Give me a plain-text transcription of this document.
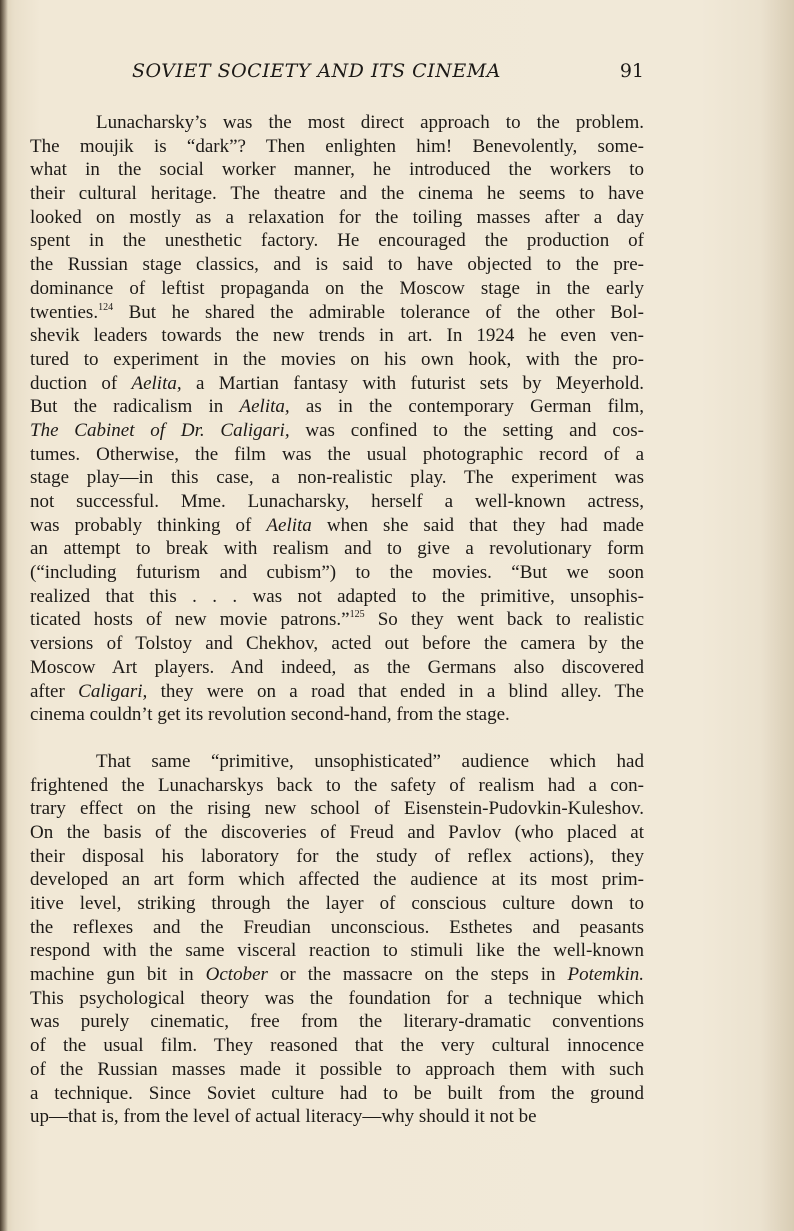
SOVIET SOCIETY AND ITS CINEMA	91
Lunacharsky’s was the most direct approach to the problem.
The moujik is “dark”? Then enlighten him! Benevolently, some-
what in the social worker manner, he introduced the workers to
their cultural heritage. The theatre and the cinema he seems to have
looked on mostly as a relaxation for the toiling masses after a day
spent in the unesthetic factory. He encouraged the production of
the Russian stage classics, and is said to have objected to the pre-
dominance of leftist propaganda on the Moscow stage in the early
twenties.$^{124}$ But he shared the admirable tolerance of the other Bol-
shevik leaders towards the new trends in art. In 1924 he even ven-
tured to experiment in the movies on his own hook, with the pro-
duction of Aelita, a Martian fantasy with futurist sets by Meyerhold.
But the radicalism in Aelita, as in the contemporary German film,
The Cabinet of Dr. Caligari, was confined to the setting and cos-
tumes. Otherwise, the film was the usual photographic record of a
stage play—in this case, a non-realistic play. The experiment was
not successful. Mme. Lunacharsky, herself a well-known actress,
was probably thinking of Aelita when she said that they had made
an attempt to break with realism and to give a revolutionary form
(“including futurism and cubism”) to the movies. “But we soon
realized that this . . . was not adapted to the primitive, unsophis-
ticated hosts of new movie patrons.”$^{125}$ So they went back to realistic
versions of Tolstoy and Chekhov, acted out before the camera by the
Moscow Art players. And indeed, as the Germans also discovered
after Caligari, they were on a road that ended in a blind alley. The
cinema couldn’t get its revolution second-hand, from the stage.
That same “primitive, unsophisticated” audience which had
frightened the Lunacharskys back to the safety of realism had a con-
trary effect on the rising new school of Eisenstein-Pudovkin-Kuleshov.
On the basis of the discoveries of Freud and Pavlov (who placed at
their disposal his laboratory for the study of reflex actions), they
developed an art form which affected the audience at its most prim-
itive level, striking through the layer of conscious culture down to
the reflexes and the Freudian unconscious. Esthetes and peasants
respond with the same visceral reaction to stimuli like the well-known
machine gun bit in October or the massacre on the steps in Potemkin.
This psychological theory was the foundation for a technique which
was purely cinematic, free from the literary-dramatic conventions
of the usual film. They reasoned that the very cultural innocence
of the Russian masses made it possible to approach them with such
a technique. Since Soviet culture had to be built from the ground
up—that is, from the level of actual literacy—why should it not be
